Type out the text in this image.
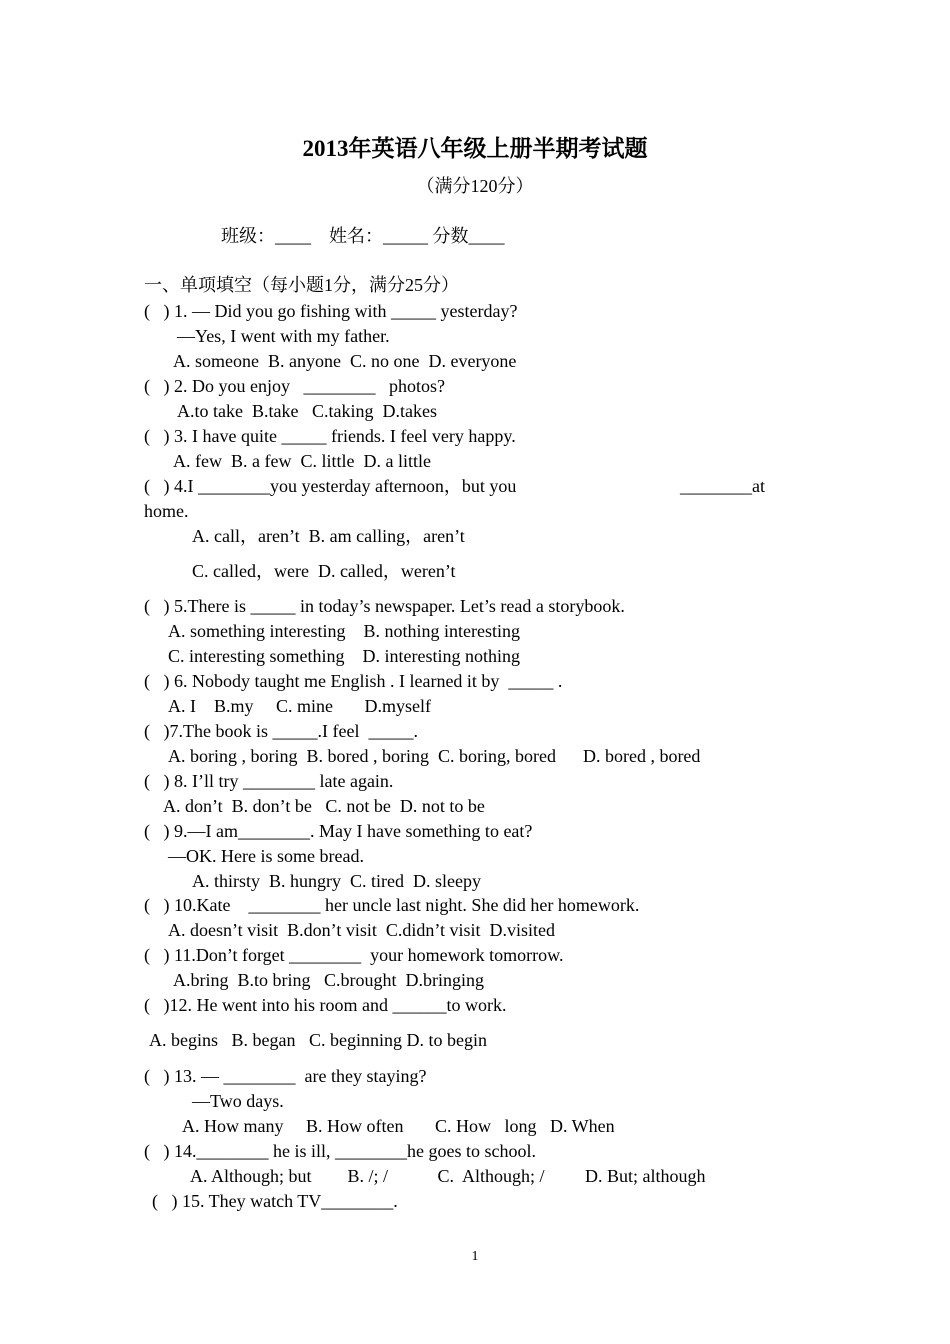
2013年英语八年级上册半期考试题
（满分120分）
班级：____    姓名：_____ 分数____
一、单项填空（每小题1分，满分25分）
(   ) 1. — Did you go fishing with _____ yesterday?
—Yes, I went with my father.
A. someone  B. anyone  C. no one  D. everyone
(   ) 2. Do you enjoy   ________   photos?
A.to take  B.take   C.taking  D.takes
(   ) 3. I have quite _____ friends. I feel very happy.
A. few  B. a few  C. little  D. a little
(   ) 4.I ________you yesterday afternoon，but you	________at
home.
A. call，aren’t  B. am calling，aren’t
C. called，were  D. called，weren’t
(   ) 5.There is _____ in today’s newspaper. Let’s read a storybook.
A. something interesting    B. nothing interesting
C. interesting something    D. interesting nothing
(   ) 6. Nobody taught me English . I learned it by  _____ .
A. I    B.my     C. mine       D.myself
(   )7.The book is _____.I feel  _____.
A. boring , boring  B. bored , boring  C. boring, bored      D. bored , bored
(   ) 8. I’ll try ________ late again.
A. don’t  B. don’t be   C. not be  D. not to be
(   ) 9.—I am________. May I have something to eat?
—OK. Here is some bread.
A. thirsty  B. hungry  C. tired  D. sleepy
(   ) 10.Kate    ________ her uncle last night. She did her homework.
A. doesn’t visit  B.don’t visit  C.didn’t visit  D.visited
(   ) 11.Don’t forget ________  your homework tomorrow.
A.bring  B.to bring   C.brought  D.bringing
(   )12. He went into his room and ______to work.
A. begins   B. began   C. beginning D. to begin
(   ) 13. — ________  are they staying?
—Two days.
A. How many     B. How often       C. How   long   D. When
(   ) 14.________ he is ill, ________he goes to school.
A. Although; but        B. /; /           C.  Although; /         D. But; although
(   ) 15. They watch TV________.
1
